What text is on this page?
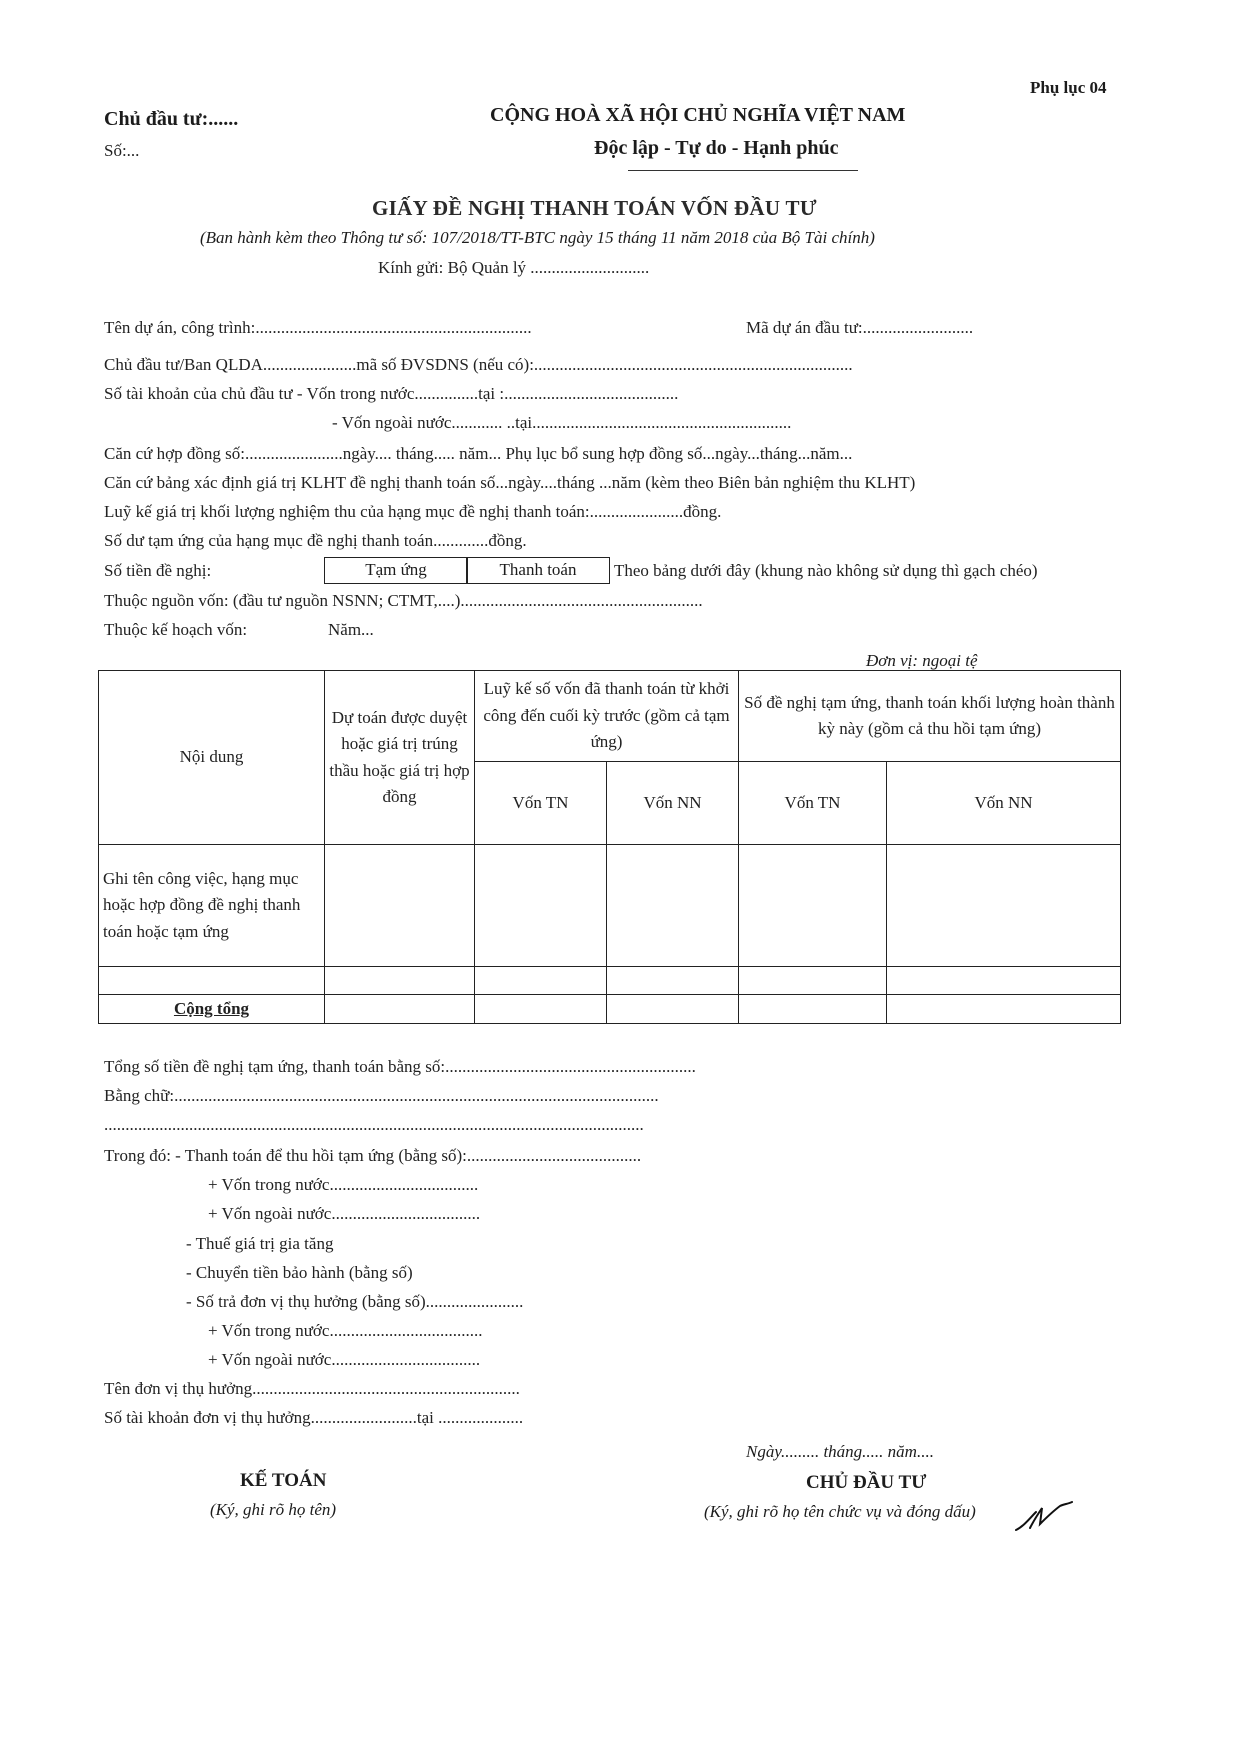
Phụ lục 04
Chủ đầu tư:......
Số:...
CỘNG HOÀ XÃ HỘI CHỦ NGHĨA VIỆT NAM
Độc lập - Tự do - Hạnh phúc
GIẤY ĐỀ NGHỊ THANH TOÁN VỐN ĐẦU TƯ
(Ban hành kèm theo Thông tư số: 107/2018/TT-BTC ngày 15 tháng 11 năm 2018 của Bộ Tài chính)
Kính gửi: Bộ Quản lý ............................
Tên dự án, công trình:.................................................................	Mã dự án đầu tư:..........................
Chủ đầu tư/Ban QLDA......................mã số ĐVSDNS (nếu có):...........................................................................
Số tài khoản của chủ đầu tư - Vốn trong nước...............tại :.........................................
- Vốn ngoài nước............ ..tại.............................................................
Căn cứ hợp đồng số:.......................ngày.... tháng..... năm... Phụ lục bổ sung hợp đồng số...ngày...tháng...năm...
Căn cứ bảng xác định giá trị KLHT đề nghị thanh toán số...ngày....tháng ...năm (kèm theo Biên bản nghiệm thu KLHT)
Luỹ kế giá trị khối lượng nghiệm thu của hạng mục đề nghị thanh toán:......................đồng.
Số dư tạm ứng của hạng mục đề nghị thanh toán.............đồng.
Số tiền đề nghị:	Tạm ứng	Thanh toán	Theo bảng dưới đây (khung nào không sử dụng thì gạch chéo)
Thuộc nguồn vốn: (đầu tư nguồn NSNN; CTMT,....).........................................................
Thuộc kế hoạch vốn:	Năm...
Đơn vị: ngoại tệ
Nội dung	Dự toán được duyệt hoặc giá trị trúng thầu hoặc giá trị hợp đồng	Luỹ kế số vốn đã thanh toán từ khởi công đến cuối kỳ trước (gồm cả tạm ứng)		Số đề nghị tạm ứng, thanh toán khối lượng hoàn thành kỳ này (gồm cả thu hồi tạm ứng)	
		Vốn TN	Vốn NN	Vốn TN	Vốn NN
Ghi tên công việc, hạng mục hoặc hợp đồng đề nghị thanh toán hoặc tạm ứng					

Cộng tổng					
Tổng số tiền đề nghị tạm ứng, thanh toán bằng số:...........................................................
Bằng chữ:..................................................................................................................
...............................................................................................................................
Trong đó: - Thanh toán để thu hồi tạm ứng (bằng số):.........................................
+ Vốn trong nước...................................
+ Vốn ngoài nước...................................
- Thuế giá trị gia tăng
- Chuyển tiền bảo hành (bằng số)
- Số trả đơn vị thụ hưởng (bằng số).......................
+ Vốn trong nước....................................
+ Vốn ngoài nước...................................
Tên đơn vị thụ hưởng...............................................................
Số tài khoản đơn vị thụ hưởng.........................tại ....................
Ngày......... tháng..... năm....
KẾ TOÁN
(Ký, ghi rõ họ tên)
CHỦ ĐẦU TƯ
(Ký, ghi rõ họ tên chức vụ và đóng dấu)
